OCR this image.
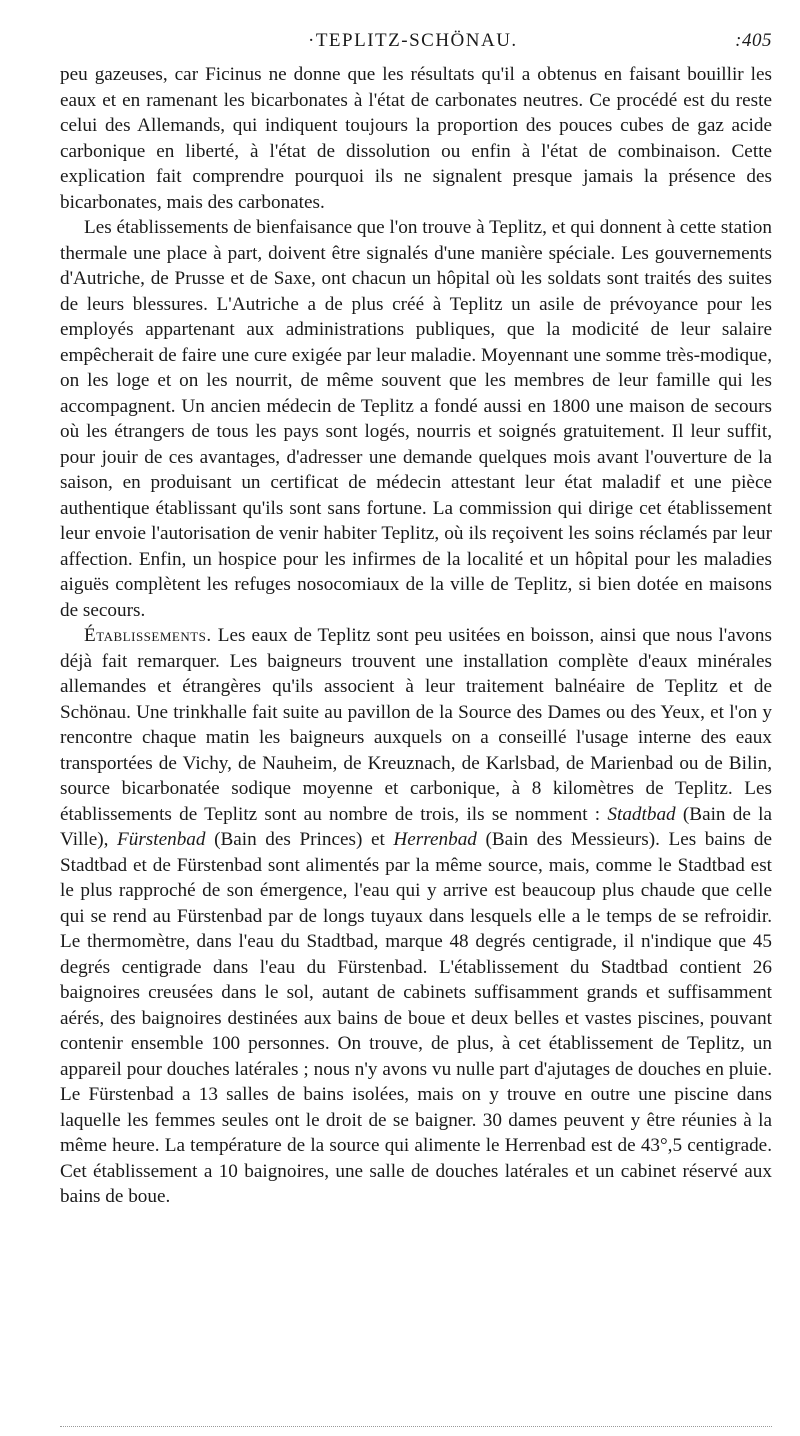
·TEPLITZ-SCHÖNAU.	:405

peu gazeuses, car Ficinus ne donne que les résultats qu'il a obtenus en faisant bouillir les eaux et en ramenant les bicarbonates à l'état de carbonates neutres. Ce procédé est du reste celui des Allemands, qui indiquent toujours la proportion des pouces cubes de gaz acide carbonique en liberté, à l'état de dissolution ou enfin à l'état de combinaison. Cette explication fait comprendre pourquoi ils ne signalent presque jamais la présence des bicarbonates, mais des carbonates.

Les établissements de bienfaisance que l'on trouve à Teplitz, et qui donnent à cette station thermale une place à part, doivent être signalés d'une manière spéciale. Les gouvernements d'Autriche, de Prusse et de Saxe, ont chacun un hôpital où les soldats sont traités des suites de leurs blessures. L'Autriche a de plus créé à Teplitz un asile de prévoyance pour les employés appartenant aux administrations publiques, que la modicité de leur salaire empêcherait de faire une cure exigée par leur maladie. Moyennant une somme très-modique, on les loge et on les nourrit, de même souvent que les membres de leur famille qui les accompagnent. Un ancien médecin de Teplitz a fondé aussi en 1800 une maison de secours où les étrangers de tous les pays sont logés, nourris et soignés gratuitement. Il leur suffit, pour jouir de ces avantages, d'adresser une demande quelques mois avant l'ouverture de la saison, en produisant un certificat de médecin attestant leur état maladif et une pièce authentique établissant qu'ils sont sans fortune. La commission qui dirige cet établissement leur envoie l'autorisation de venir habiter Teplitz, où ils reçoivent les soins réclamés par leur affection. Enfin, un hospice pour les infirmes de la localité et un hôpital pour les maladies aiguës complètent les refuges nosocomiaux de la ville de Teplitz, si bien dotée en maisons de secours.

Établissements. Les eaux de Teplitz sont peu usitées en boisson, ainsi que nous l'avons déjà fait remarquer. Les baigneurs trouvent une installation complète d'eaux minérales allemandes et étrangères qu'ils associent à leur traitement balnéaire de Teplitz et de Schönau. Une trinkhalle fait suite au pavillon de la Source des Dames ou des Yeux, et l'on y rencontre chaque matin les baigneurs auxquels on a conseillé l'usage interne des eaux transportées de Vichy, de Nauheim, de Kreuznach, de Karlsbad, de Marienbad ou de Bilin, source bicarbonatée sodique moyenne et carbonique, à 8 kilomètres de Teplitz. Les établissements de Teplitz sont au nombre de trois, ils se nomment : Stadtbad (Bain de la Ville), Fürstenbad (Bain des Princes) et Herrenbad (Bain des Messieurs). Les bains de Stadtbad et de Fürstenbad sont alimentés par la même source, mais, comme le Stadtbad est le plus rapproché de son émergence, l'eau qui y arrive est beaucoup plus chaude que celle qui se rend au Fürstenbad par de longs tuyaux dans lesquels elle a le temps de se refroidir. Le thermomètre, dans l'eau du Stadtbad, marque 48 degrés centigrade, il n'indique que 45 degrés centigrade dans l'eau du Fürstenbad. L'établissement du Stadtbad contient 26 baignoires creusées dans le sol, autant de cabinets suffisamment grands et suffisamment aérés, des baignoires destinées aux bains de boue et deux belles et vastes piscines, pouvant contenir ensemble 100 personnes. On trouve, de plus, à cet établissement de Teplitz, un appareil pour douches latérales ; nous n'y avons vu nulle part d'ajutages de douches en pluie. Le Fürstenbad a 13 salles de bains isolées, mais on y trouve en outre une piscine dans laquelle les femmes seules ont le droit de se baigner. 30 dames peuvent y être réunies à la même heure. La température de la source qui alimente le Herrenbad est de 43°,5 centigrade. Cet établissement a 10 baignoires, une salle de douches latérales et un cabinet réservé aux bains de boue.
